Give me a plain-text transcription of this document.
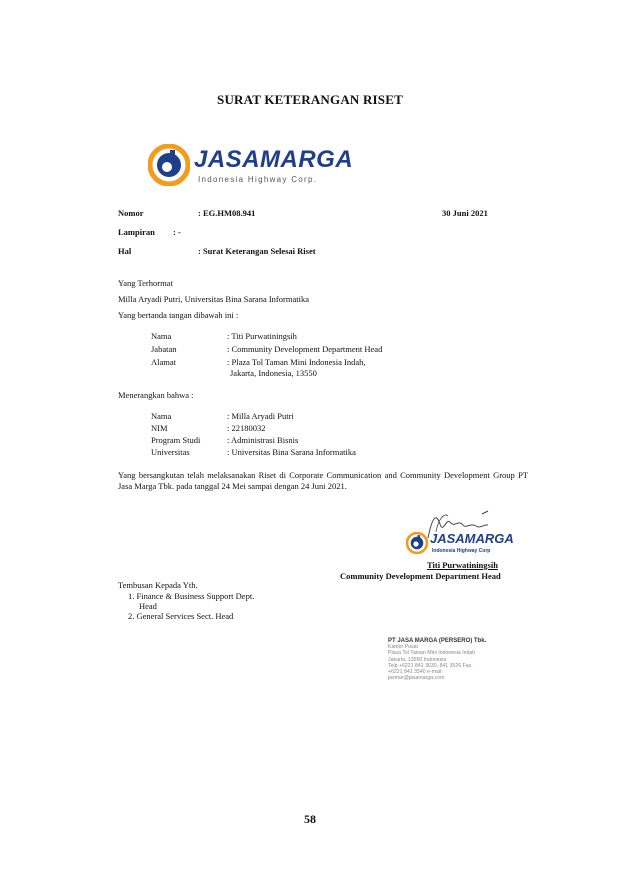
SURAT KETERANGAN RISET
JASAMARGA
Indonesia Highway Corp.
Nomor	: EG.HM08.941
Lampiran : -
Hal	: Surat Keterangan Selesai Riset
30 Juni 2021
Yang Terhormat
Milla Aryadi Putri, Universitas Bina Sarana Informatika
Yang bertanda tangan dibawah ini :
Nama	: Titi Purwatiningsih
Jabatan	: Community Development Department Head
Alamat	: Plaza Tol Taman Mini Indonesia Indah,
Jakarta, Indonesia, 13550
Menerangkan bahwa :
Nama	: Milla Aryadi Putri
NIM	: 22180032
Program Studi	: Administrasi Bisnis
Universitas	: Universitas Bina Sarana Informatika
Yang bersangkutan telah melaksanakan Riset di Corporate Communication and Community Development Group PT Jasa Marga Tbk. pada tanggal 24 Mei sampai dengan 24 Juni 2021.
JASAMARGA
Indonesia Highway Corp
Titi Purwatiningsih
Community Development Department Head
Tembusan Kepada Yth.
1. Finance & Business Support Dept.
Head
2. General Services Sect. Head
PT JASA MARGA (PERSERO) Tbk.
Kantor Pusat
Plaza Tol Taman Mini Indonesia Indah
Jakarta, 13550 Indonesia
Telp +6221 841 3630, 841 3526 Fax.
+6221 841 3540 e-mail:
jasmar@jasamarga.com
58
